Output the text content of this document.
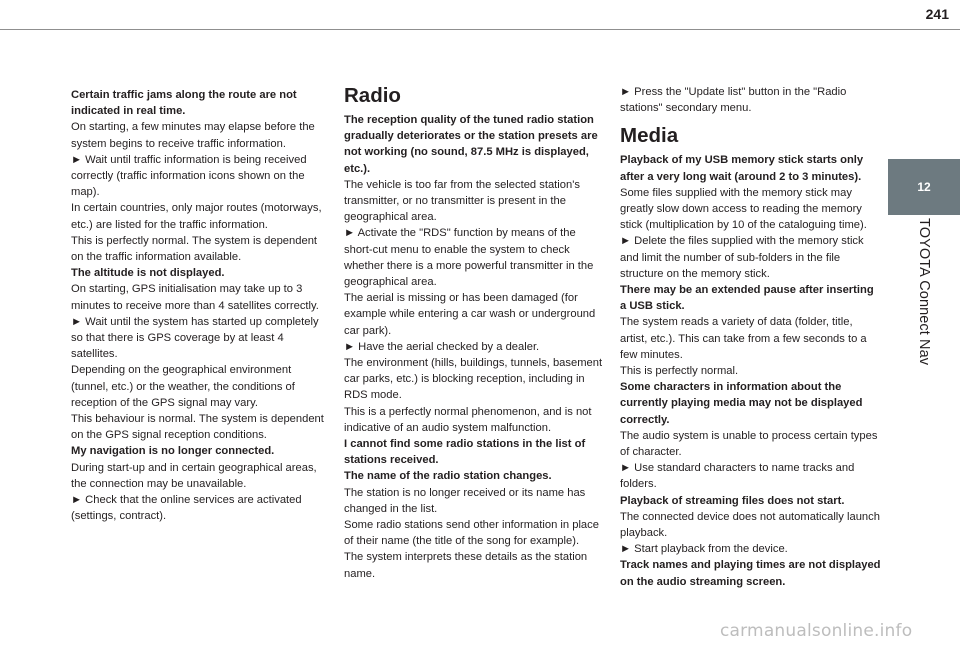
241
12
TOYOTA Connect Nav

Certain traffic jams along the route are not indicated in real time.

On starting, a few minutes may elapse before the system begins to receive traffic information.

► Wait until traffic information is being received correctly (traffic information icons shown on the map).

In certain countries, only major routes (motorways, etc.) are listed for the traffic information.

This is perfectly normal. The system is dependent on the traffic information available.

The altitude is not displayed.

On starting, GPS initialisation may take up to 3 minutes to receive more than 4 satellites correctly.

► Wait until the system has started up completely so that there is GPS coverage by at least 4 satellites.

Depending on the geographical environment (tunnel, etc.) or the weather, the conditions of reception of the GPS signal may vary.

This behaviour is normal. The system is dependent on the GPS signal reception conditions.

My navigation is no longer connected.

During start-up and in certain geographical areas, the connection may be unavailable.

► Check that the online services are activated (settings, contract).

Radio

The reception quality of the tuned radio station gradually deteriorates or the station presets are not working (no sound, 87.5 MHz is displayed, etc.).

The vehicle is too far from the selected station's transmitter, or no transmitter is present in the geographical area.

► Activate the "RDS" function by means of the short-cut menu to enable the system to check whether there is a more powerful transmitter in the geographical area.

The aerial is missing or has been damaged (for example while entering a car wash or underground car park).

► Have the aerial checked by a dealer.

The environment (hills, buildings, tunnels, basement car parks, etc.) is blocking reception, including in RDS mode.

This is a perfectly normal phenomenon, and is not indicative of an audio system malfunction.

I cannot find some radio stations in the list of stations received.

The name of the radio station changes.

The station is no longer received or its name has changed in the list.

Some radio stations send other information in place of their name (the title of the song for example).

The system interprets these details as the station name.

► Press the "Update list" button in the "Radio stations" secondary menu.

Media

Playback of my USB memory stick starts only after a very long wait (around 2 to 3 minutes).

Some files supplied with the memory stick may greatly slow down access to reading the memory stick (multiplication by 10 of the cataloguing time).

► Delete the files supplied with the memory stick and limit the number of sub-folders in the file structure on the memory stick.

There may be an extended pause after inserting a USB stick.

The system reads a variety of data (folder, title, artist, etc.). This can take from a few seconds to a few minutes.

This is perfectly normal.

Some characters in information about the currently playing media may not be displayed correctly.

The audio system is unable to process certain types of character.

► Use standard characters to name tracks and folders.

Playback of streaming files does not start.

The connected device does not automatically launch playback.

► Start playback from the device.

Track names and playing times are not displayed on the audio streaming screen.

carmanualsonline.info
